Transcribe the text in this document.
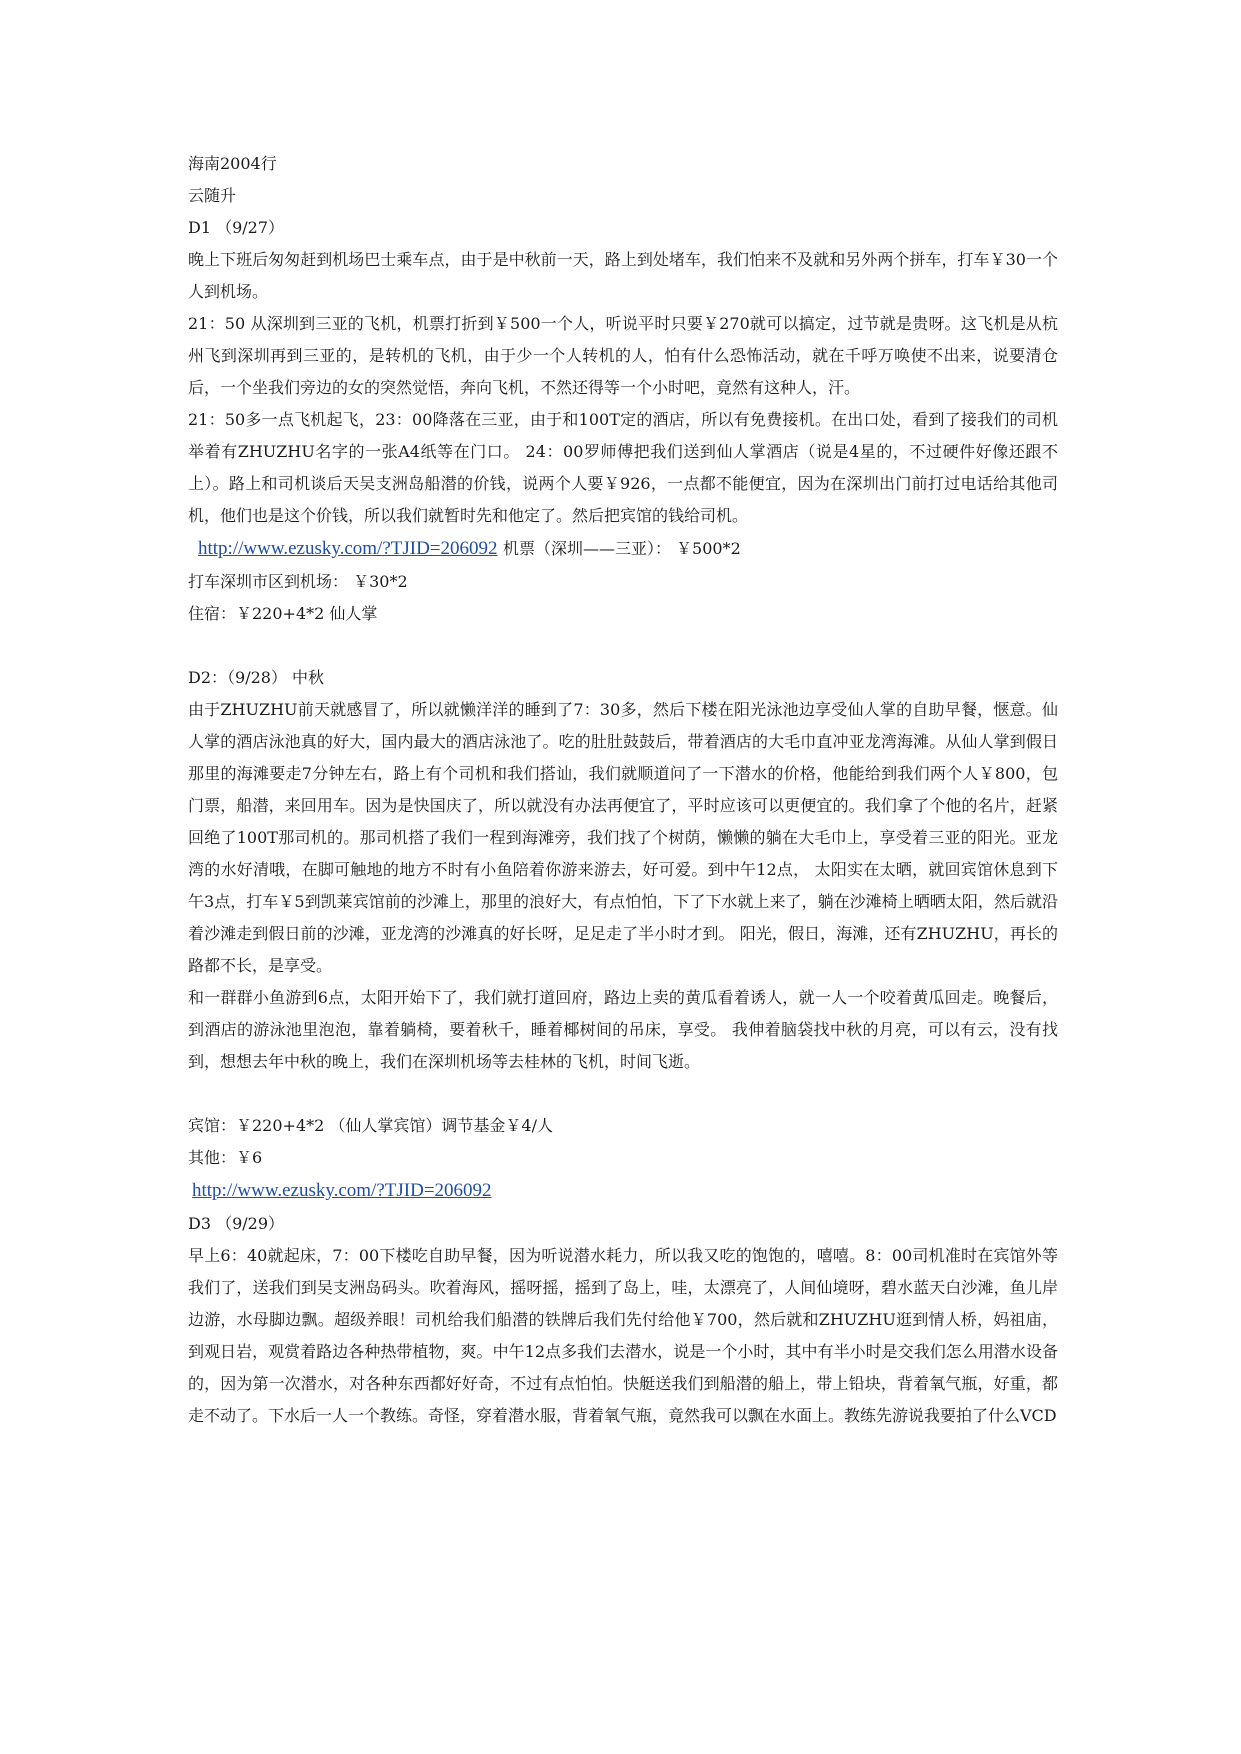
海南2004行

云随升

D1 （9/27）

晚上下班后匆匆赶到机场巴士乘车点，由于是中秋前一天，路上到处堵车，我们怕来不及就和另外两个拼车，打车￥30一个人到机场。

21：50 从深圳到三亚的飞机，机票打折到￥500一个人，听说平时只要￥270就可以搞定，过节就是贵呀。这飞机是从杭州飞到深圳再到三亚的，是转机的飞机，由于少一个人转机的人，怕有什么恐怖活动，就在千呼万唤使不出来，说要清仓后，一个坐我们旁边的女的突然觉悟，奔向飞机，不然还得等一个小时吧，竟然有这种人，汗。

21：50多一点飞机起飞，23：00降落在三亚，由于和100T定的酒店，所以有免费接机。在出口处，看到了接我们的司机举着有ZHUZHU名字的一张A4纸等在门口。 24：00罗师傅把我们送到仙人掌酒店（说是4星的，不过硬件好像还跟不上）。路上和司机谈后天吴支洲岛船潜的价钱，说两个人要￥926，一点都不能便宜，因为在深圳出门前打过电话给其他司机，他们也是这个价钱，所以我们就暂时先和他定了。然后把宾馆的钱给司机。

http://www.ezusky.com/?TJID=206092 机票（深圳——三亚）： ￥500*2

打车深圳市区到机场： ￥30*2

住宿：￥220+4*2 仙人掌

D2：（9/28） 中秋

由于ZHUZHU前天就感冒了，所以就懒洋洋的睡到了7：30多，然后下楼在阳光泳池边享受仙人掌的自助早餐，惬意。仙人掌的酒店泳池真的好大，国内最大的酒店泳池了。吃的肚肚鼓鼓后，带着酒店的大毛巾直冲亚龙湾海滩。从仙人掌到假日那里的海滩要走7分钟左右，路上有个司机和我们搭讪，我们就顺道问了一下潜水的价格，他能给到我们两个人￥800，包门票，船潜，来回用车。因为是快国庆了，所以就没有办法再便宜了，平时应该可以更便宜的。我们拿了个他的名片，赶紧回绝了100T那司机的。那司机搭了我们一程到海滩旁，我们找了个树荫，懒懒的躺在大毛巾上，享受着三亚的阳光。亚龙湾的水好清哦，在脚可触地的地方不时有小鱼陪着你游来游去，好可爱。到中午12点， 太阳实在太晒，就回宾馆休息到下午3点，打车￥5到凯莱宾馆前的沙滩上，那里的浪好大，有点怕怕，下了下水就上来了，躺在沙滩椅上晒晒太阳，然后就沿着沙滩走到假日前的沙滩，亚龙湾的沙滩真的好长呀，足足走了半小时才到。 阳光，假日，海滩，还有ZHUZHU，再长的路都不长，是享受。

和一群群小鱼游到6点，太阳开始下了，我们就打道回府，路边上卖的黄瓜看着诱人，就一人一个咬着黄瓜回走。晚餐后，到酒店的游泳池里泡泡，靠着躺椅，要着秋千，睡着椰树间的吊床，享受。 我伸着脑袋找中秋的月亮，可以有云，没有找到，想想去年中秋的晚上，我们在深圳机场等去桂林的飞机，时间飞逝。

宾馆：￥220+4*2 （仙人掌宾馆）调节基金￥4/人

其他：￥6

http://www.ezusky.com/?TJID=206092

D3 （9/29）

早上6：40就起床，7：00下楼吃自助早餐，因为听说潜水耗力，所以我又吃的饱饱的，嘻嘻。8：00司机准时在宾馆外等我们了，送我们到吴支洲岛码头。吹着海风，摇呀摇，摇到了岛上，哇，太漂亮了，人间仙境呀，碧水蓝天白沙滩，鱼儿岸边游，水母脚边飘。超级养眼！司机给我们船潜的铁牌后我们先付给他￥700，然后就和ZHUZHU逛到情人桥，妈祖庙，到观日岩，观赏着路边各种热带植物，爽。中午12点多我们去潜水，说是一个小时，其中有半小时是交我们怎么用潜水设备的，因为第一次潜水，对各种东西都好好奇，不过有点怕怕。快艇送我们到船潜的船上，带上铅块，背着氧气瓶，好重，都走不动了。下水后一人一个教练。奇怪，穿着潜水服，背着氧气瓶，竟然我可以飘在水面上。教练先游说我要拍了什么VCD
